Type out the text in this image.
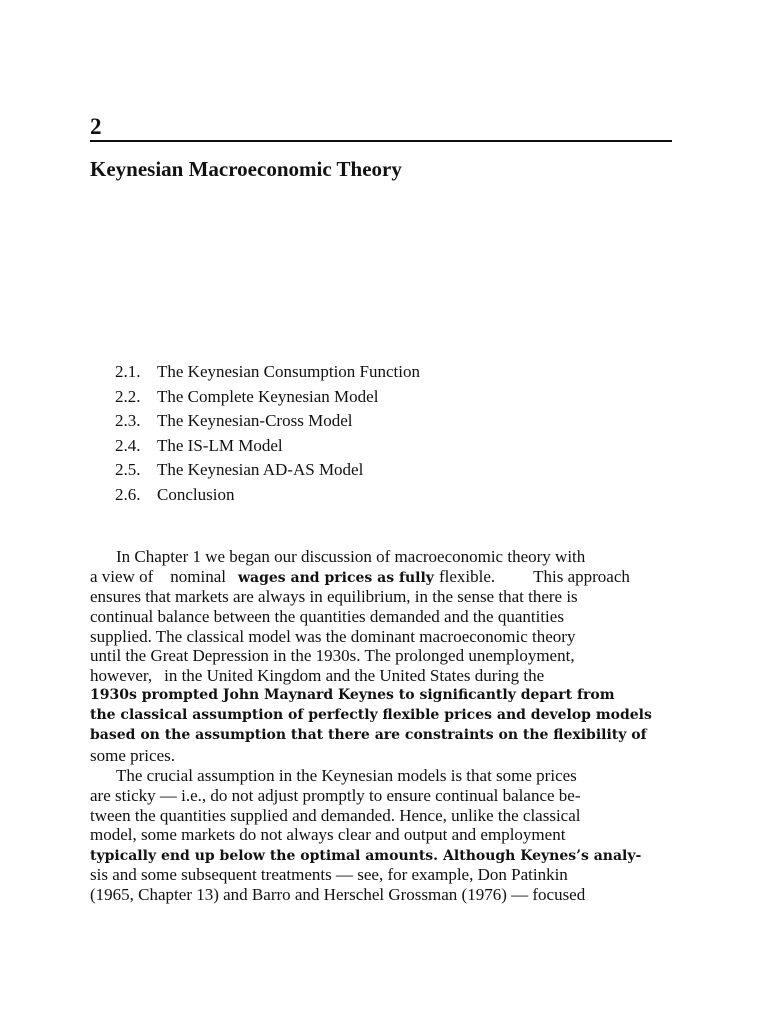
2
Keynesian Macroeconomic Theory
2.1. The Keynesian Consumption Function
2.2. The Complete Keynesian Model
2.3. The Keynesian-Cross Model
2.4. The IS-LM Model
2.5. The Keynesian AD-AS Model
2.6. Conclusion
In Chapter 1 we began our discussion of macroeconomic theory with
a view of nominal wages and prices as fully flexible. This approach
ensures that markets are always in equilibrium, in the sense that there is
continual balance between the quantities demanded and the quantities
supplied. The classical model was the dominant macroeconomic theory
until the Great Depression in the 1930s. The prolonged unemployment,
however, in the United Kingdom and the United States during the
1930s prompted John Maynard Keynes to significantly depart from
the classical assumption of perfectly flexible prices and develop models
based on the assumption that there are constraints on the flexibility of
some prices.
The crucial assumption in the Keynesian models is that some prices
are sticky — i.e., do not adjust promptly to ensure continual balance be-
tween the quantities supplied and demanded. Hence, unlike the classical
model, some markets do not always clear and output and employment
typically end up below the optimal amounts. Although Keynes’s analy-
sis and some subsequent treatments — see, for example, Don Patinkin
(1965, Chapter 13) and Barro and Herschel Grossman (1976) — focused
